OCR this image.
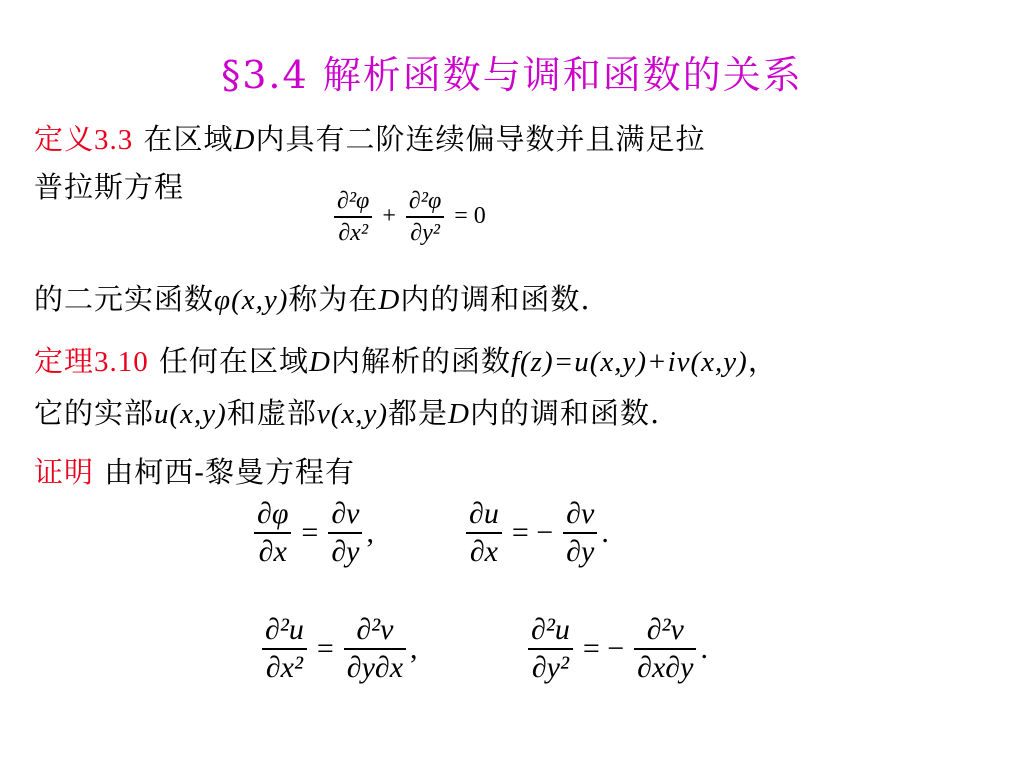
§3.4 解析函数与调和函数的关系
定义3.3 在区域D内具有二阶连续偏导数并且满足拉
普拉斯方程	$\frac{\text{∂²φ}}{\text{∂x²}} + \frac{\text{∂²φ}}{\text{∂y²}} = 0$
的二元实函数φ(x,y)称为在D内的调和函数.
定理3.10 任何在区域D内解析的函数f(z)=u(x,y)+iv(x,y)，
它的实部u(x,y)和虚部v(x,y)都是D内的调和函数.
证明 由柯西-黎曼方程有
$\frac{\partial\varphi}{\partial x} = \frac{\partial v}{\partial y}$ ,	$\frac{\partial u}{\partial x}$ = − $\frac{\partial v}{\partial y}$ .
$\frac{\text{∂²u}}{\text{∂x²}} = \frac{\text{∂²v}}{\partial y\partial x}$ ,	$\frac{\text{∂²u}}{\text{∂y²}}$ = − $\frac{\text{∂²v}}{\partial x\partial y}$ .
